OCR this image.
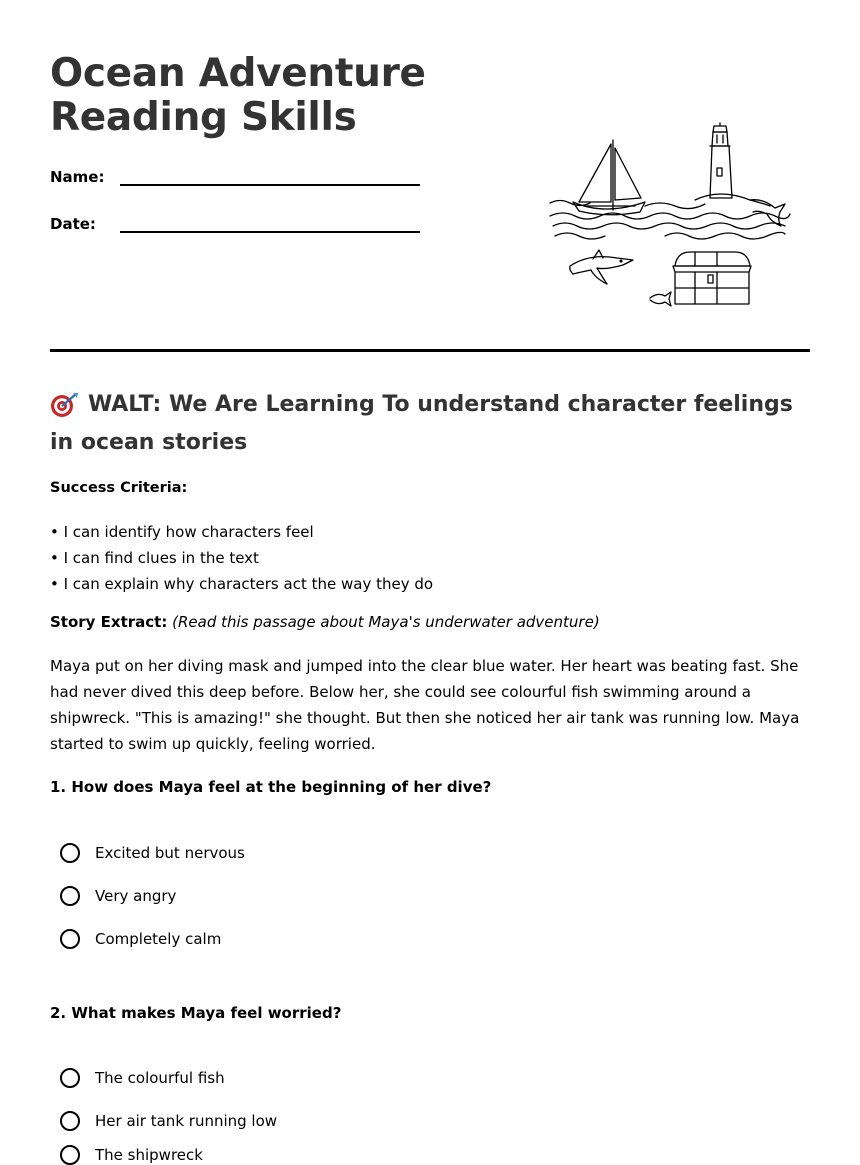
Ocean Adventure
Reading Skills
Name:
Date:
WALT: We Are Learning To understand character feelings in ocean stories
Success Criteria:
• I can identify how characters feel
• I can find clues in the text
• I can explain why characters act the way they do
Story Extract: (Read this passage about Maya's underwater adventure)

Maya put on her diving mask and jumped into the clear blue water. Her heart was beating fast. She had never dived this deep before. Below her, she could see colourful fish swimming around a shipwreck. "This is amazing!" she thought. But then she noticed her air tank was running low. Maya started to swim up quickly, feeling worried.

1. How does Maya feel at the beginning of her dive?
Excited but nervous
Very angry
Completely calm
2. What makes Maya feel worried?
The colourful fish
Her air tank running low
The shipwreck
